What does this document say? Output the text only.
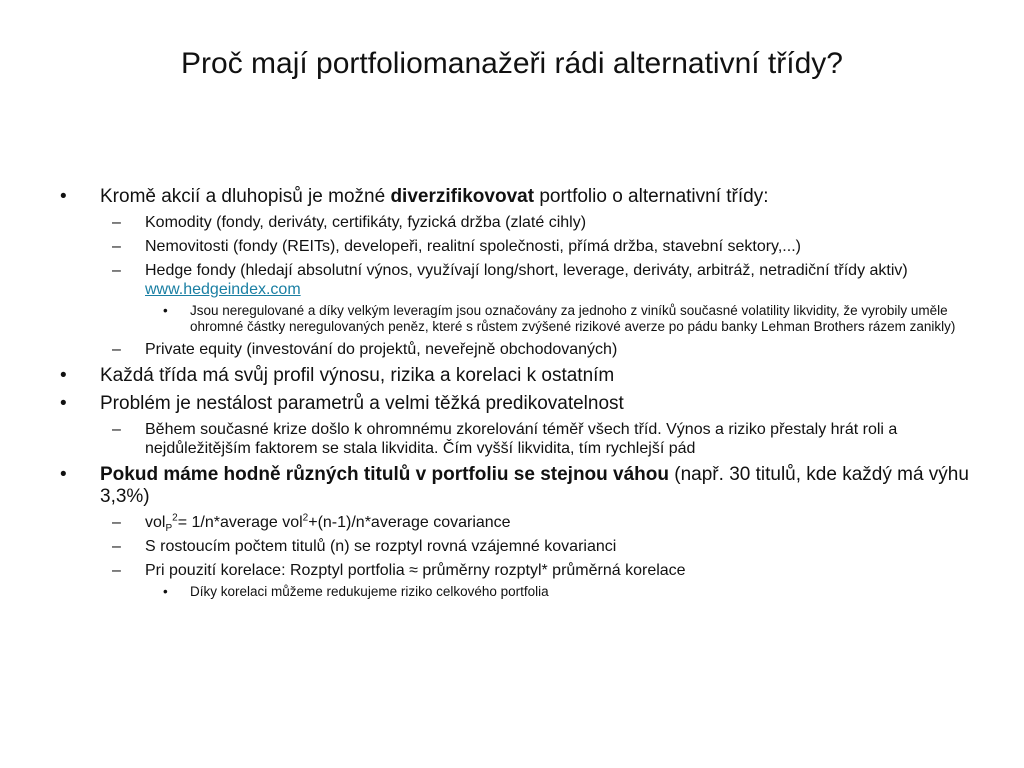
Proč mají portfoliomanažeři rádi alternativní třídy?
• Kromě akcií a dluhopisů je možné diverzifikovovat portfolio o alternativní třídy:
– Komodity (fondy, deriváty, certifikáty, fyzická držba (zlaté cihly)
– Nemovitosti (fondy (REITs), developeři, realitní společnosti, přímá držba, stavební sektory,...)
– Hedge fondy (hledají absolutní výnos, využívají long/short, leverage, deriváty, arbitráž, netradiční třídy aktiv) www.hedgeindex.com
• Jsou neregulované a díky velkým leveragím jsou označovány za jednoho z viníků současné volatility likvidity, že vyrobily uměle ohromné částky neregulovaných peněz, které s růstem zvýšené rizikové averze po pádu banky Lehman Brothers rázem zanikly)
– Private equity (investování do projektů, neveřejně obchodovaných)
• Každá třída má svůj profil výnosu, rizika a korelaci k ostatním
• Problém je nestálost parametrů a velmi těžká predikovatelnost
– Během současné krize došlo k ohromnému zkorelování téměř všech tříd. Výnos a riziko přestaly hrát roli a nejdůležitějším faktorem se stala likvidita. Čím vyšší likvidita, tím rychlejší pád
• Pokud máme hodně různých titulů v portfoliu se stejnou váhou (např. 30 titulů, kde každý má výhu 3,3%)
– vol$_P^2$= 1/n*average vol$^2$+(n-1)/n*average covariance
– S rostoucím počtem titulů (n) se rozptyl rovná vzájemné kovarianci
– Pri pouzití korelace: Rozptyl portfolia ≈ průměrny rozptyl* průměrná korelace
• Díky korelaci můžeme redukujeme riziko celkového portfolia
